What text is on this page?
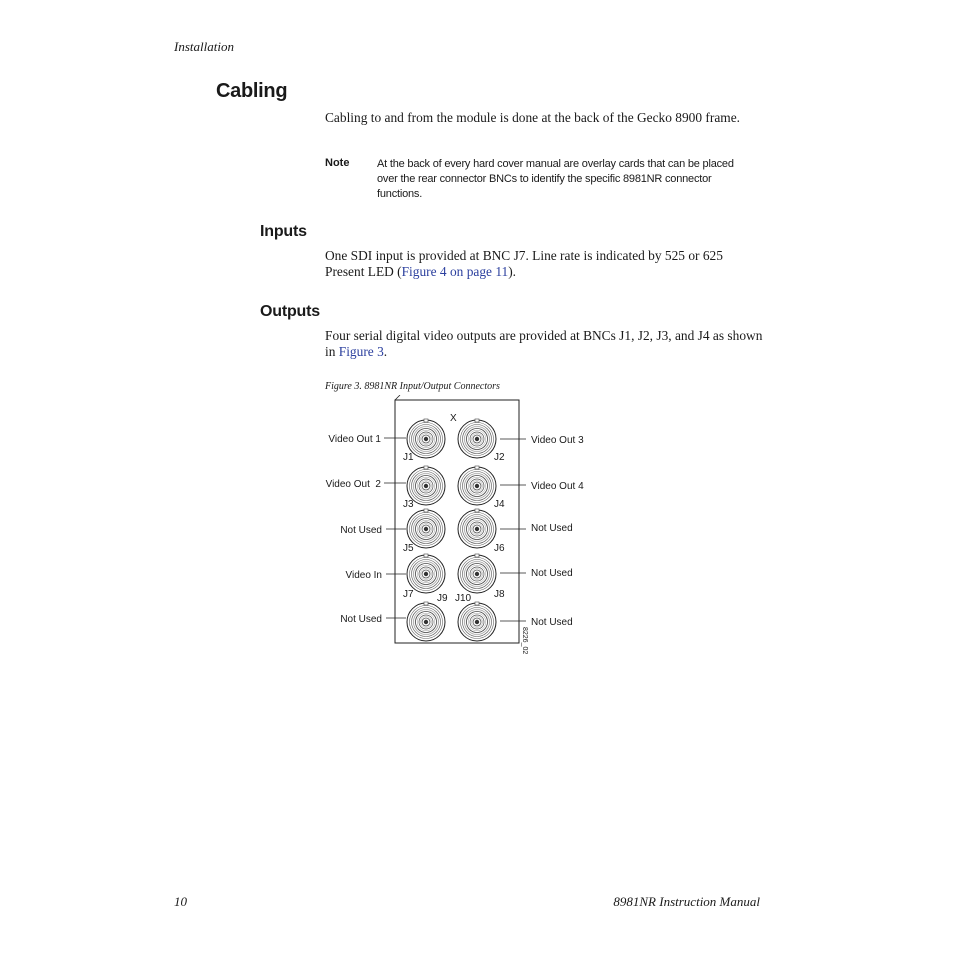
Installation
Cabling
Cabling to and from the module is done at the back of the Gecko 8900 frame.
Note	At the back of every hard cover manual are overlay cards that can be placed over the rear connector BNCs to identify the specific 8981NR connector functions.
Inputs
One SDI input is provided at BNC J7. Line rate is indicated by 525 or 625 Present LED (Figure 4 on page 11).
Outputs
Four serial digital video outputs are provided at BNCs J1, J2, J3, and J4 as shown in Figure 3.
Figure 3. 8981NR Input/Output Connectors
X
J1	J2
J3	J4
J5	J6
J7	J8
J9 J10
Video Out 1
Video Out  2
Not Used
Video In
Not Used
Video Out 3
Video Out 4
Not Used
Not Used
Not Used
8226_02
10	8981NR Instruction Manual
